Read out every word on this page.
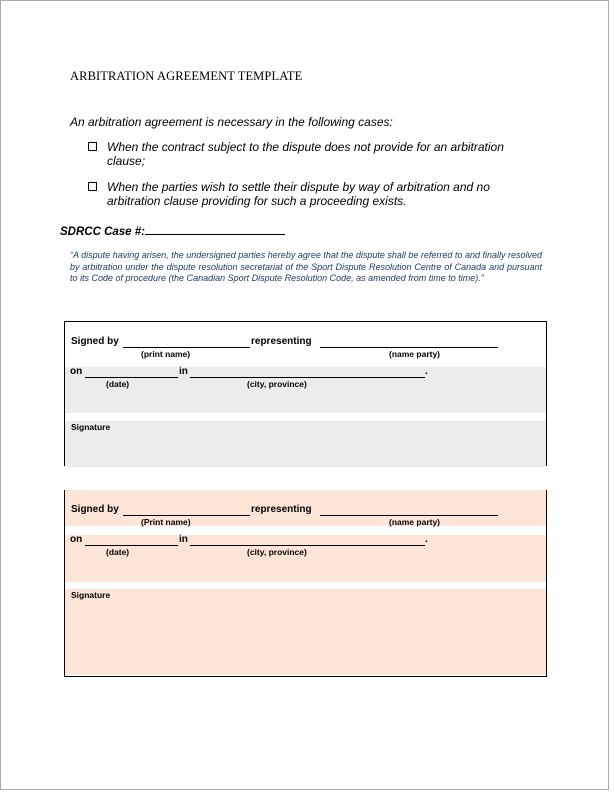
ARBITRATION AGREEMENT TEMPLATE
An arbitration agreement is necessary in the following cases:
When the contract subject to the dispute does not provide for an arbitration clause;
When the parties wish to settle their dispute by way of arbitration and no arbitration clause providing for such a proceeding exists.
SDRCC Case #:
“A dispute having arisen, the undersigned parties hereby agree that the dispute shall be referred to and finally resolved by arbitration under the dispute resolution secretariat of the Sport Dispute Resolution Centre of Canada and pursuant to its Code of procedure (the Canadian Sport Dispute Resolution Code, as amended from time to time).”
Signed by	representing
(print name)	(name party)
on	in	.
(date)	(city, province)
Signature
Signed by	representing
(Print name)	(name party)
on	in	.
(date)	(city, province)
Signature
